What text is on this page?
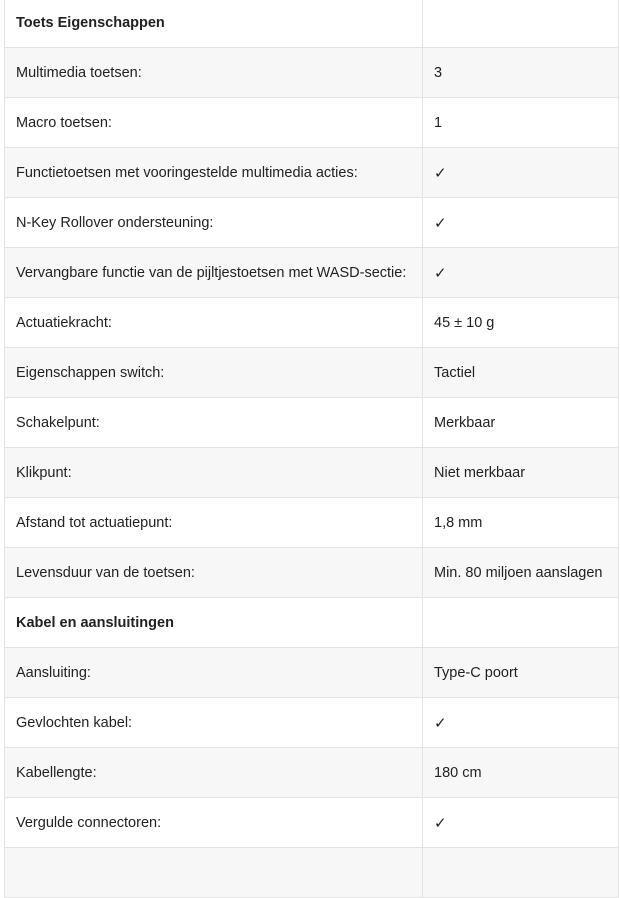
Toets Eigenschappen	
Multimedia toetsen:	3
Macro toetsen:	1
Functietoetsen met vooringestelde multimedia acties:	✓
N-Key Rollover ondersteuning:	✓
Vervangbare functie van de pijltjestoetsen met WASD-sectie:	✓
Actuatiekracht:	45 ± 10 g
Eigenschappen switch:	Tactiel
Schakelpunt:	Merkbaar
Klikpunt:	Niet merkbaar
Afstand tot actuatiepunt:	1,8 mm
Levensduur van de toetsen:	Min. 80 miljoen aanslagen
Kabel en aansluitingen	
Aansluiting:	Type-C poort
Gevlochten kabel:	✓
Kabellengte:	180 cm
Vergulde connectoren:	✓
